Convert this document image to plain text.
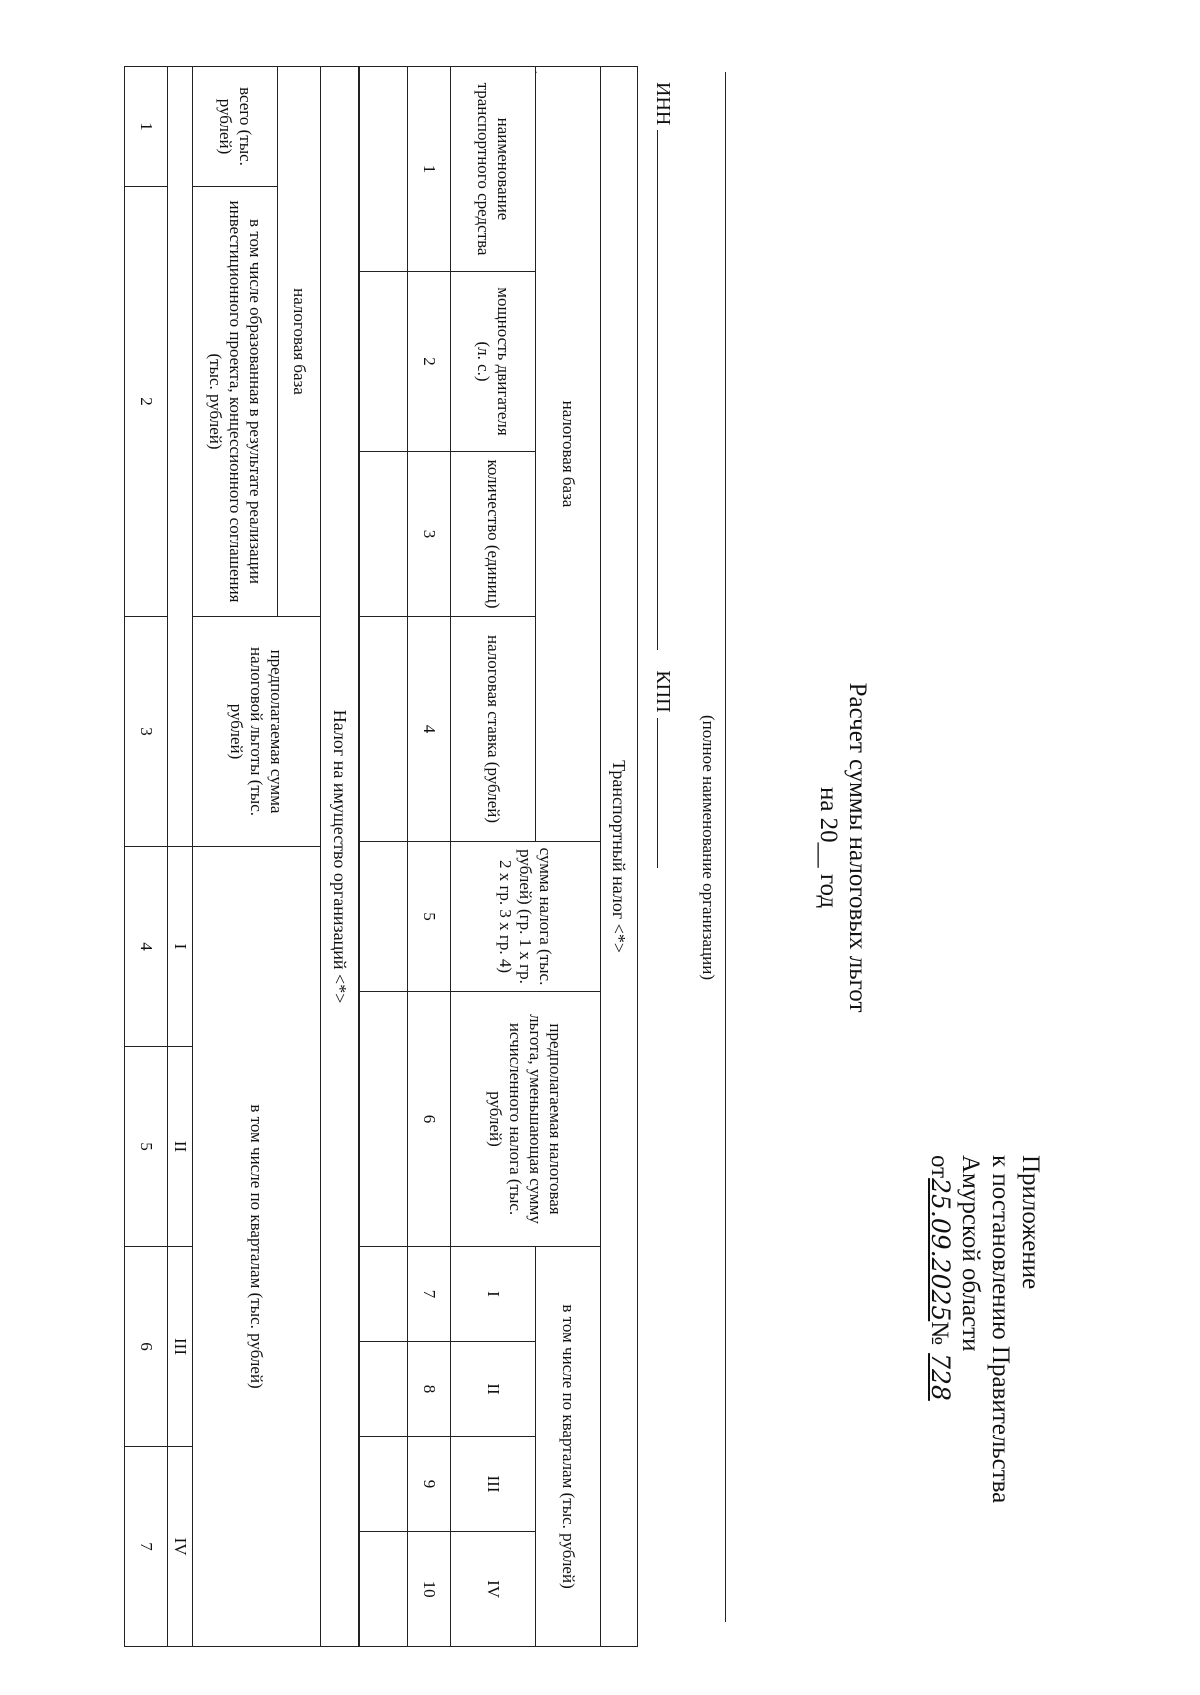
Приложение
к постановлению Правительства
Амурской области
от25.09.2025№728
Расчет суммы налоговых льгот
на 20__ год
(полное наименование организации)
ИНН   КПП
·
Транспортный налог <*>									
налоговая база				сумма налога (тыс. рублей) (гр. 1 x гр. 2 x гр. 3 x гр. 4)	предполагаемая налоговая льгота, уменьшающая сумму исчисленного налога (тыс. рублей)	в том числе по кварталам (тыс. рублей)			
наименование транспортного средства	мощность двигателя (л. с.)	количество (единиц)	налоговая ставка (рублей)			I	II	III	IV
1	2	3	4	5	6	7	8	9	10

Налог на имущество организаций <*>						
налоговая база		предполагаемая сумма налоговой льготы (тыс. рублей)	в том числе по кварталам (тыс. рублей)			

всего (тыс. рублей)	в том числе образованная в результате реализации инвестиционного проекта, концессионного соглашения (тыс. рублей)					
			I	II	III	IV
1	2	3	4	5	6	7
